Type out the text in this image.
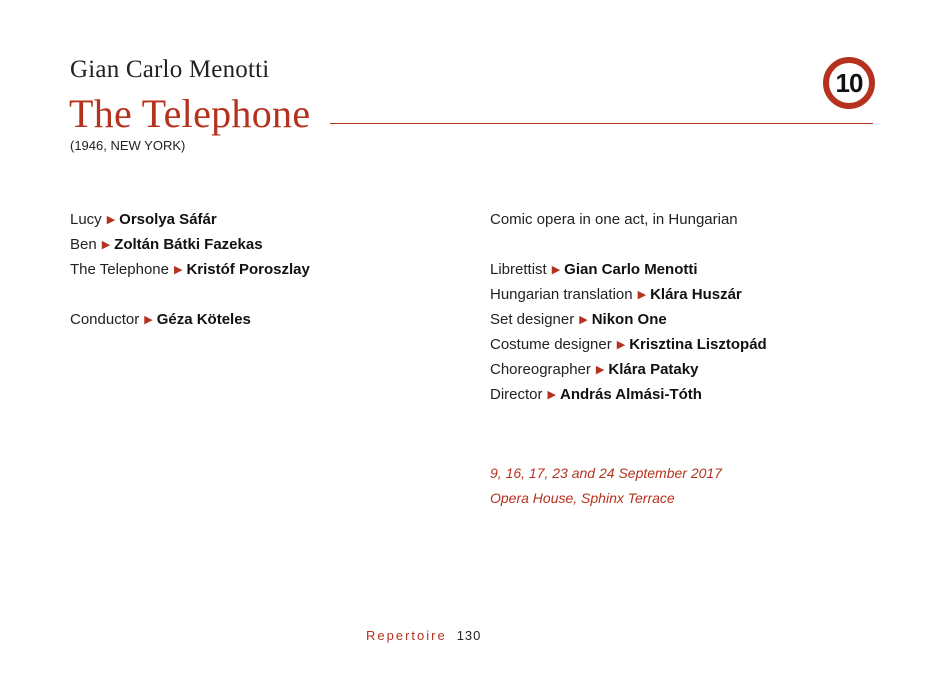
Gian Carlo Menotti
The Telephone
(1946, NEW YORK)
10
Lucy ▶ Orsolya Sáfár
Ben ▶ Zoltán Bátki Fazekas
The Telephone ▶ Kristóf Poroszlay
Conductor ▶ Géza Köteles
Comic opera in one act, in Hungarian
Librettist ▶ Gian Carlo Menotti
Hungarian translation ▶ Klára Huszár
Set designer ▶ Nikon One
Costume designer ▶ Krisztina Lisztopád
Choreographer ▶ Klára Pataky
Director ▶ András Almási-Tóth
9, 16, 17, 23 and 24 September 2017
Opera House, Sphinx Terrace
Repertoire 130
